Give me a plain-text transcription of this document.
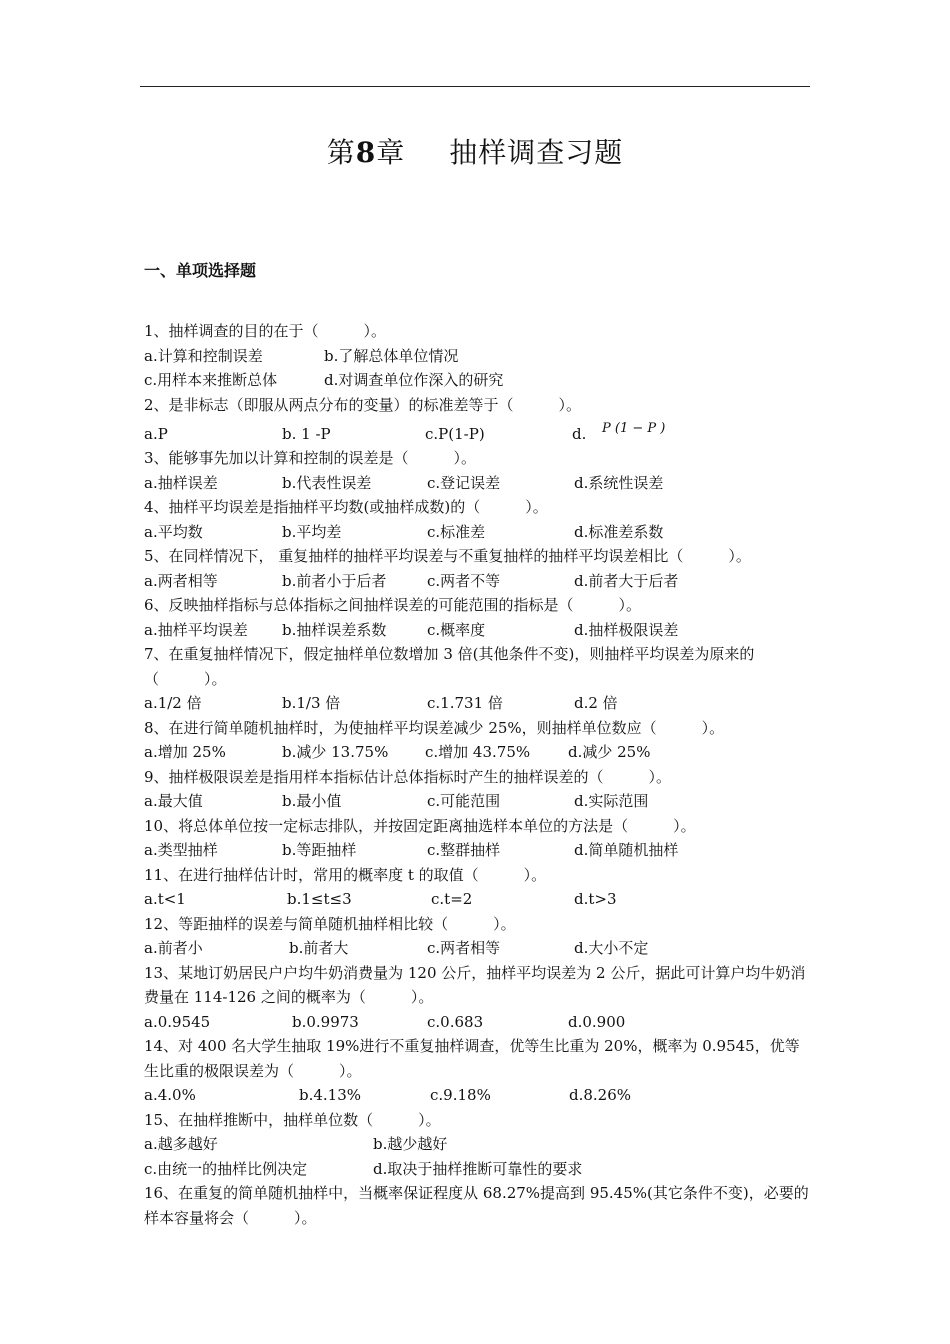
第8章 抽样调查习题
一、单项选择题

1、抽样调查的目的在于（　　　）。

a.计算和控制误差	b.了解总体单位情况
c.用样本来推断总体	d.对调查单位作深入的研究

2、是非标志（即服从两点分布的变量）的标准差等于（　　　）。

a.P	b. 1 -P	c.P(1-P)	d. P (1 − P )

3、能够事先加以计算和控制的误差是（　　　）。

a.抽样误差	b.代表性误差	c.登记误差	d.系统性误差

4、抽样平均误差是指抽样平均数(或抽样成数)的（　　　）。

a.平均数	b.平均差	c.标准差	d.标准差系数

5、在同样情况下， 重复抽样的抽样平均误差与不重复抽样的抽样平均误差相比（　　　）。

a.两者相等	b.前者小于后者	c.两者不等	d.前者大于后者

6、反映抽样指标与总体指标之间抽样误差的可能范围的指标是（　　　）。

a.抽样平均误差 b.抽样误差系数	c.概率度	d.抽样极限误差

7、在重复抽样情况下，假定抽样单位数增加 3 倍(其他条件不变)，则抽样平均误差为原来的（　　　）。

a.1/2 倍	b.1/3 倍	c.1.731 倍	d.2 倍

8、在进行简单随机抽样时，为使抽样平均误差减少 25%，则抽样单位数应（　　　）。

a.增加 25%	b.减少 13.75% c.增加 43.75%	d.减少 25%

9、抽样极限误差是指用样本指标估计总体指标时产生的抽样误差的（　　　）。

a.最大值	b.最小值	c.可能范围	d.实际范围

10、将总体单位按一定标志排队，并按固定距离抽选样本单位的方法是（　　　）。

a.类型抽样	b.等距抽样	c.整群抽样	d.简单随机抽样

11、在进行抽样估计时，常用的概率度 t 的取值（　　　）。

a.t<1	b.1≤t≤3	c.t=2	d.t>3

12、等距抽样的误差与简单随机抽样相比较（　　　）。

a.前者小	b.前者大	c.两者相等	d.大小不定

13、某地订奶居民户户均牛奶消费量为 120 公斤，抽样平均误差为 2 公斤，据此可计算户均牛奶消费量在 114-126 之间的概率为（　　　）。

a.0.9545	b.0.9973	c.0.683	d.0.900

14、对 400 名大学生抽取 19%进行不重复抽样调查，优等生比重为 20%，概率为 0.9545，优等生比重的极限误差为（　　　）。

a.4.0%	b.4.13%	c.9.18%	d.8.26%

15、在抽样推断中，抽样单位数（　　　）。

a.越多越好	b.越少越好
c.由统一的抽样比例决定	d.取决于抽样推断可靠性的要求

16、在重复的简单随机抽样中，当概率保证程度从 68.27%提高到 95.45%(其它条件不变)，必要的样本容量将会（　　　）。
